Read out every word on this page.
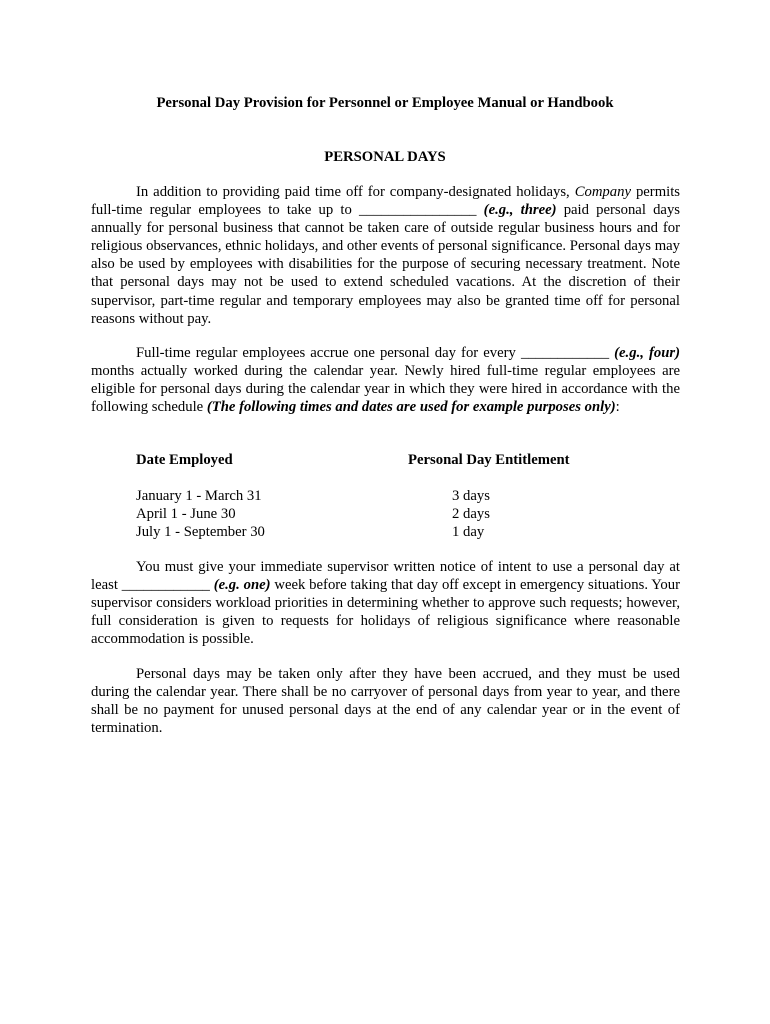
Personal Day Provision for Personnel or Employee Manual or Handbook
PERSONAL DAYS

In addition to providing paid time off for company-designated holidays, Company permits full-time regular employees to take up to ________________ (e.g., three) paid personal days annually for personal business that cannot be taken care of outside regular business hours and for religious observances, ethnic holidays, and other events of personal significance. Personal days may also be used by employees with disabilities for the purpose of securing necessary treatment. Note that personal days may not be used to extend scheduled vacations. At the discretion of their supervisor, part-time regular and temporary employees may also be granted time off for personal reasons without pay.

Full-time regular employees accrue one personal day for every ____________ (e.g., four) months actually worked during the calendar year. Newly hired full-time regular employees are eligible for personal days during the calendar year in which they were hired in accordance with the following schedule (The following times and dates are used for example purposes only):

Date Employed	Personal Day Entitlement
January 1 - March 31	3 days
April 1 - June 30	2 days
July 1 - September 30	1 day

You must give your immediate supervisor written notice of intent to use a personal day at least ____________ (e.g. one) week before taking that day off except in emergency situations. Your supervisor considers workload priorities in determining whether to approve such requests; however, full consideration is given to requests for holidays of religious significance where reasonable accommodation is possible.

Personal days may be taken only after they have been accrued, and they must be used during the calendar year. There shall be no carryover of personal days from year to year, and there shall be no payment for unused personal days at the end of any calendar year or in the event of termination.
